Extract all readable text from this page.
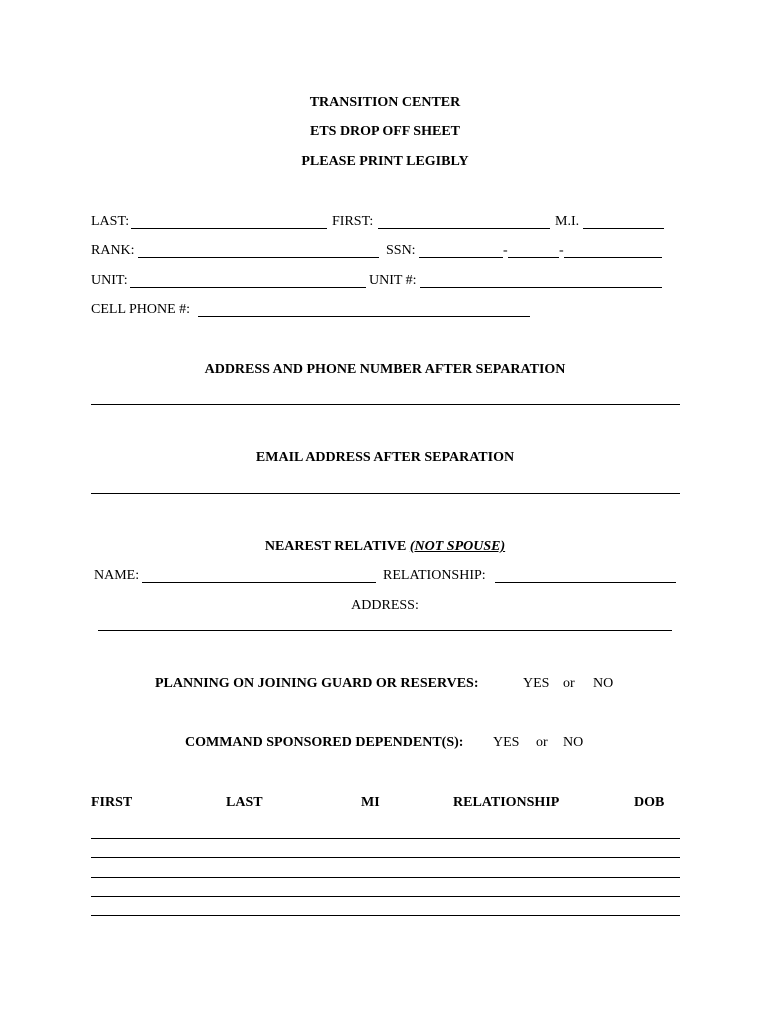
TRANSITION CENTER
ETS DROP OFF SHEET
PLEASE PRINT LEGIBLY
LAST:	FIRST:	M.I.
RANK:	SSN:	-	-
UNIT:	UNIT #:
CELL PHONE #:
ADDRESS AND PHONE NUMBER AFTER SEPARATION
EMAIL ADDRESS AFTER SEPARATION
NEAREST RELATIVE (NOT SPOUSE)
NAME:	RELATIONSHIP:
ADDRESS:
PLANNING ON JOINING GUARD OR RESERVES:	YES or NO
COMMAND SPONSORED DEPENDENT(S): YES or NO
FIRST	LAST	MI	RELATIONSHIP	DOB
